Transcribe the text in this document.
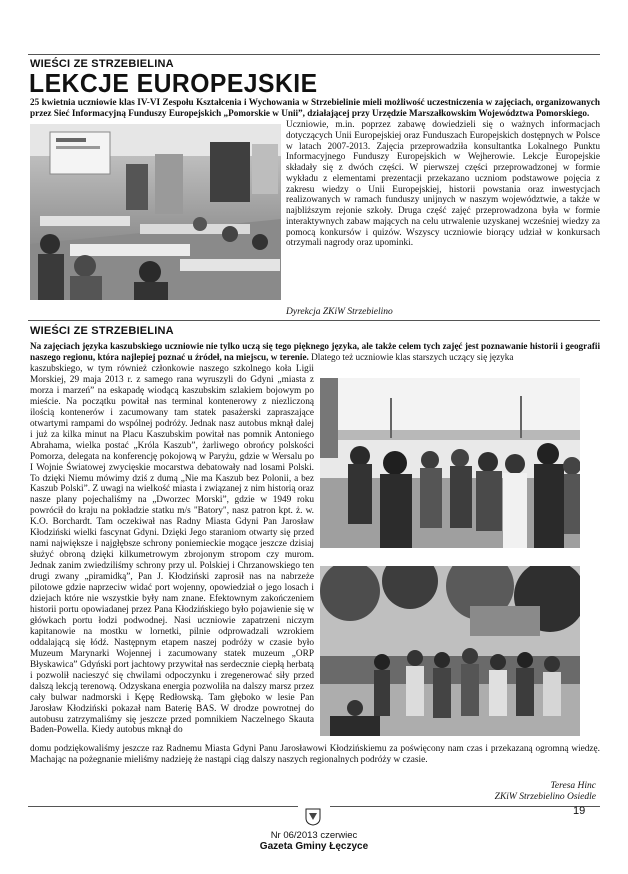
WIEŚCI ZE STRZEBIELINA
LEKCJE EUROPEJSKIE
25 kwietnia uczniowie klas IV-VI Zespołu Kształcenia i Wychowania w Strzebielinie mieli możliwość uczestniczenia w zajęciach, organizowanych przez Sieć Informacyjną Funduszy Europejskich „Pomorskie w Unii”, działającej przy Urzędzie Marszałkowskim Województwa Pomorskiego.
Uczniowie, m.in. poprzez zabawę dowiedzieli się o ważnych informacjach dotyczących Unii Europejskiej oraz Funduszach Europejskich dostępnych w Polsce w latach 2007-2013. Zajęcia przeprowadziła konsultantka Lokalnego Punktu Informacyjnego Funduszy Europejskich w Wejherowie. Lekcje Europejskie składały się z dwóch części. W pierwszej części przeprowadzonej w formie wykładu z elementami prezentacji przekazano uczniom podstawowe pojęcia z zakresu wiedzy o Unii Europejskiej, historii powstania oraz inwestycjach realizowanych w ramach funduszy unijnych w naszym województwie, a także w najbliższym rejonie szkoły. Druga część zajęć przeprowadzona była w formie interaktywnych zabaw mających na celu utrwalenie uzyskanej wcześniej wiedzy za pomocą konkursów i quizów. Wszyscy uczniowie biorący udział w konkursach otrzymali nagrody oraz upominki.
Dyrekcja ZKiW Strzebielino
WIEŚCI ZE STRZEBIELINA
Na zajęciach języka kaszubskiego uczniowie nie tylko uczą się tego pięknego języka, ale także celem tych zajęć jest poznawanie historii i geografii naszego regionu, która najlepiej poznać u źródeł, na miejscu, w terenie. Dlatego też uczniowie klas starszych uczący się języka
kaszubskiego, w tym również członkowie naszego szkolnego koła Ligii Morskiej, 29 maja 2013 r. z samego rana wyruszyli do Gdyni „miasta z morza i marzeń” na eskapadę wiodącą kaszubskim szlakiem bojowym po mieście. Na początku powitał nas terminal kontenerowy z niezliczoną ilością kontenerów i zacumowany tam statek pasażerski zapraszające otwartymi rampami do wspólnej podróży. Jednak nasz autobus mknął dalej i już za kilka minut na Placu Kaszubskim powitał nas pomnik Antoniego Abrahama, wielka postać „Króla Kaszub”, żarliwego obrońcy polskości Pomorza, delegata na konferencję pokojową w Paryżu, gdzie w Wersalu po I Wojnie Światowej zwycięskie mocarstwa debatowały nad losami Polski. To dzięki Niemu mówimy dziś z dumą „Nie ma Kaszub bez Polonii, a bez Kaszub Polski”. Z uwagi na wielkość miasta i związanej z nim historią oraz nasze plany pojechaliśmy na „Dworzec Morski”, gdzie w 1949 roku powrócił do kraju na pokładzie statku m/s "Batory", nasz patron kpt. ż. w. K.O. Borchardt. Tam oczekiwał nas Radny Miasta Gdyni Pan Jarosław Kłodziński wielki fascynat Gdyni. Dzięki Jego staraniom otwarty się przed nami największe i najgłębsze schrony poniemieckie mogące jeszcze dzisiaj służyć obroną dzięki kilkumetrowym zbrojonym stropom czy murom. Jednak zanim zwiedziliśmy schrony przy ul. Polskiej i Chrzanowskiego ten drugi zwany „piramidką”, Pan J. Kłodziński zaprosił nas na nabrzeże pilotowe gdzie naprzeciw widać port wojenny, opowiedział o jego losach i dziejach które nie wszystkie były nam znane. Efektownym zakończeniem historii portu opowiadanej przez Pana Kłodzińskiego było pojawienie się w główkach portu łodzi podwodnej. Nasi uczniowie zapatrzeni niczym kapitanowie na mostku w lornetki, pilnie odprowadzali wzrokiem oddalającą się łódź. Następnym etapem naszej podróży w czasie było Muzeum Marynarki Wojennej i zacumowany statek muzeum „ORP Błyskawica” Gdyński port jachtowy przywitał nas serdecznie ciepłą herbatą i pozwolił nacieszyć się chwilami odpoczynku i zregenerować siły przed dalszą lekcją terenową. Odzyskana energia pozwoliła na dalszy marsz przez cały bulwar nadmorski i Kępę Redłowską. Tam głęboko w lesie Pan Jarosław Kłodziński pokazał nam Baterię BAS. W drodze powrotnej do autobusu zatrzymaliśmy się jeszcze przed pomnikiem Naczelnego Skauta Baden-Powella. Kiedy autobus mknął do
domu podziękowaliśmy jeszcze raz Radnemu Miasta Gdyni Panu Jarosławowi Kłodzińskiemu za poświęcony nam czas i przekazaną ogromną wiedzę. Machając na pożegnanie mieliśmy nadzieję że nastąpi ciąg dalszy naszych regionalnych podróży w czasie.
Teresa Hinc
ZKiW Strzebielino Osiedle
19
Nr 06/2013 czerwiec
Gazeta Gminy Łęczyce
